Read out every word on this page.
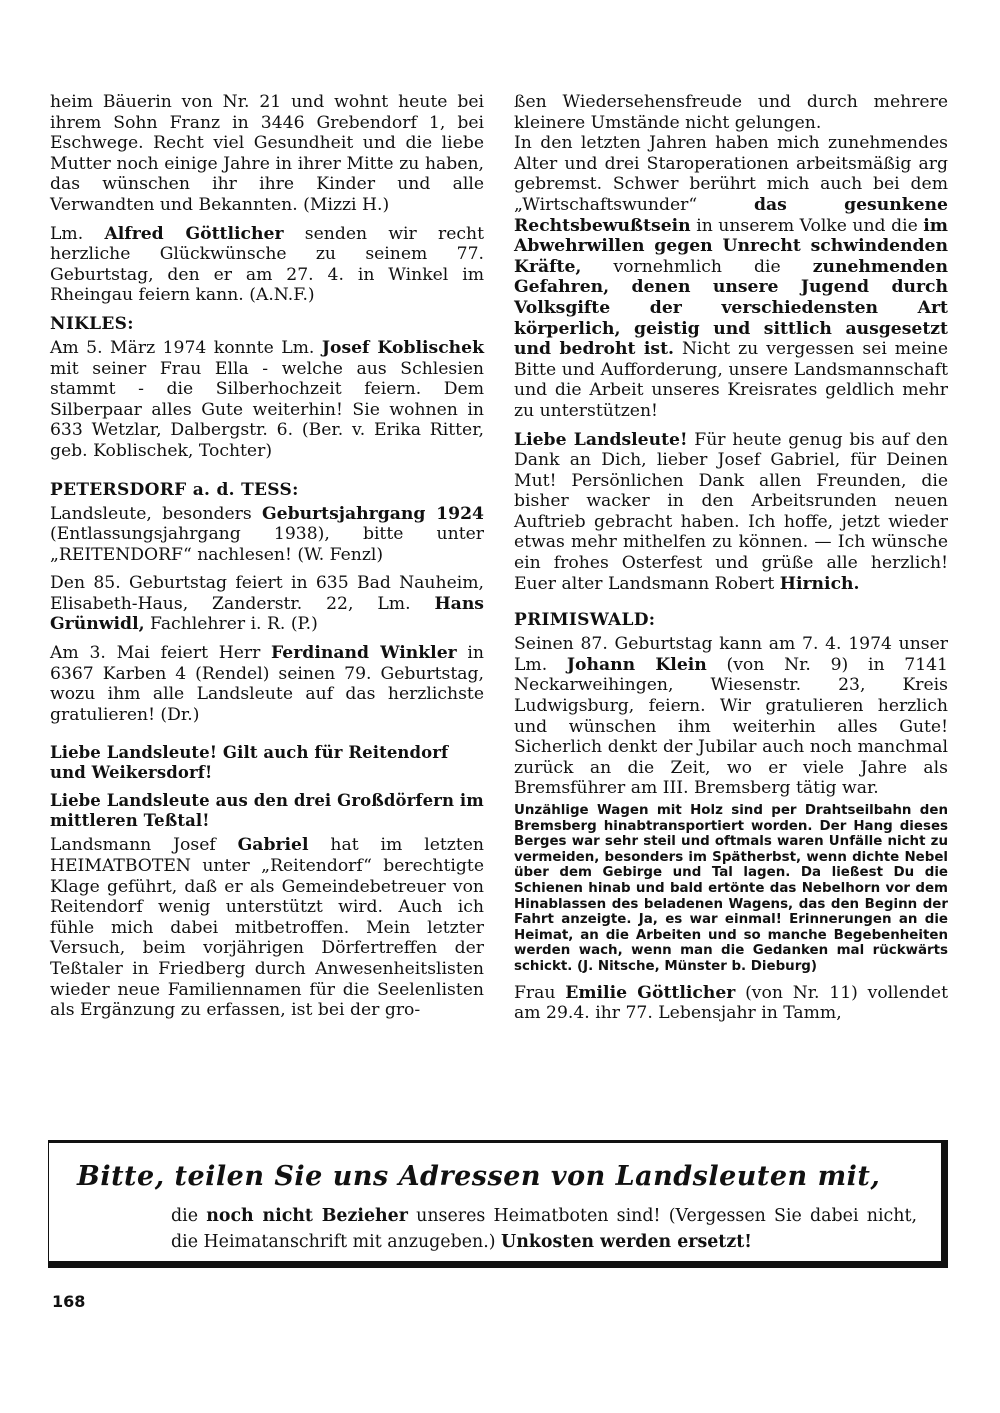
heim Bäuerin von Nr. 21 und wohnt heute bei ihrem Sohn Franz in 3446 Grebendorf 1, bei Eschwege. Recht viel Gesundheit und die liebe Mutter noch einige Jahre in ihrer Mitte zu haben, das wünschen ihr ihre Kinder und alle Verwandten und Bekannten. (Mizzi H.)

Lm. Alfred Göttlicher senden wir recht herzliche Glückwünsche zu seinem 77. Geburtstag, den er am 27. 4. in Winkel im Rheingau feiern kann. (A.N.F.)

NIKLES:

Am 5. März 1974 konnte Lm. Josef Koblischek mit seiner Frau Ella - welche aus Schlesien stammt - die Silberhochzeit feiern. Dem Silberpaar alles Gute weiterhin! Sie wohnen in 633 Wetzlar, Dalbergstr. 6. (Ber. v. Erika Ritter, geb. Koblischek, Tochter)

PETERSDORF a. d. TESS:

Landsleute, besonders Geburtsjahrgang 1924 (Entlassungsjahrgang 1938), bitte unter „REITENDORF“ nachlesen! (W. Fenzl)

Den 85. Geburtstag feiert in 635 Bad Nauheim, Elisabeth-Haus, Zanderstr. 22, Lm. Hans Grünwidl, Fachlehrer i. R. (P.)

Am 3. Mai feiert Herr Ferdinand Winkler in 6367 Karben 4 (Rendel) seinen 79. Geburtstag, wozu ihm alle Landsleute auf das herzlichste gratulieren! (Dr.)

Liebe Landsleute! Gilt auch für Reitendorf und Weikersdorf!
Liebe Landsleute aus den drei Großdörfern im mittleren Teßtal!

Landsmann Josef Gabriel hat im letzten HEIMATBOTEN unter „Reitendorf“ berechtigte Klage geführt, daß er als Gemeindebetreuer von Reitendorf wenig unterstützt wird. Auch ich fühle mich dabei mitbetroffen. Mein letzter Versuch, beim vorjährigen Dörfertreffen der Teßtaler in Friedberg durch Anwesenheitslisten wieder neue Familiennamen für die Seelenlisten als Ergänzung zu erfassen, ist bei der gro-

ßen Wiedersehensfreude und durch mehrere kleinere Umstände nicht gelungen.

In den letzten Jahren haben mich zunehmendes Alter und drei Staroperationen arbeitsmäßig arg gebremst. Schwer berührt mich auch bei dem „Wirtschaftswunder“ das gesunkene Rechtsbewußtsein in unserem Volke und die im Abwehrwillen gegen Unrecht schwindenden Kräfte, vornehmlich die zunehmenden Gefahren, denen unsere Jugend durch Volksgifte der verschiedensten Art körperlich, geistig und sittlich ausgesetzt und bedroht ist. Nicht zu vergessen sei meine Bitte und Aufforderung, unsere Landsmannschaft und die Arbeit unseres Kreisrates geldlich mehr zu unterstützen!

Liebe Landsleute! Für heute genug bis auf den Dank an Dich, lieber Josef Gabriel, für Deinen Mut! Persönlichen Dank allen Freunden, die bisher wacker in den Arbeitsrunden neuen Auftrieb gebracht haben. Ich hoffe, jetzt wieder etwas mehr mithelfen zu können. — Ich wünsche ein frohes Osterfest und grüße alle herzlich! Euer alter Landsmann Robert Hirnich.

PRIMISWALD:

Seinen 87. Geburtstag kann am 7. 4. 1974 unser Lm. Johann Klein (von Nr. 9) in 7141 Neckarweihingen, Wiesenstr. 23, Kreis Ludwigsburg, feiern. Wir gratulieren herzlich und wünschen ihm weiterhin alles Gute! Sicherlich denkt der Jubilar auch noch manchmal zurück an die Zeit, wo er viele Jahre als Bremsführer am III. Bremsberg tätig war.

Unzählige Wagen mit Holz sind per Drahtseilbahn den Bremsberg hinabtransportiert worden. Der Hang dieses Berges war sehr steil und oftmals waren Unfälle nicht zu vermeiden, besonders im Spätherbst, wenn dichte Nebel über dem Gebirge und Tal lagen. Da ließest Du die Schienen hinab und bald ertönte das Nebelhorn vor dem Hinablassen des beladenen Wagens, das den Beginn der Fahrt anzeigte. Ja, es war einmal! Erinnerungen an die Heimat, an die Arbeiten und so manche Begebenheiten werden wach, wenn man die Gedanken mal rückwärts schickt. (J. Nitsche, Münster b. Dieburg)

Frau Emilie Göttlicher (von Nr. 11) vollendet am 29.4. ihr 77. Lebensjahr in Tamm,

Bitte, teilen Sie uns Adressen von Landsleuten mit,
die noch nicht Bezieher unseres Heimatboten sind! (Vergessen Sie dabei nicht, die Heimatanschrift mit anzugeben.) Unkosten werden ersetzt!
168
